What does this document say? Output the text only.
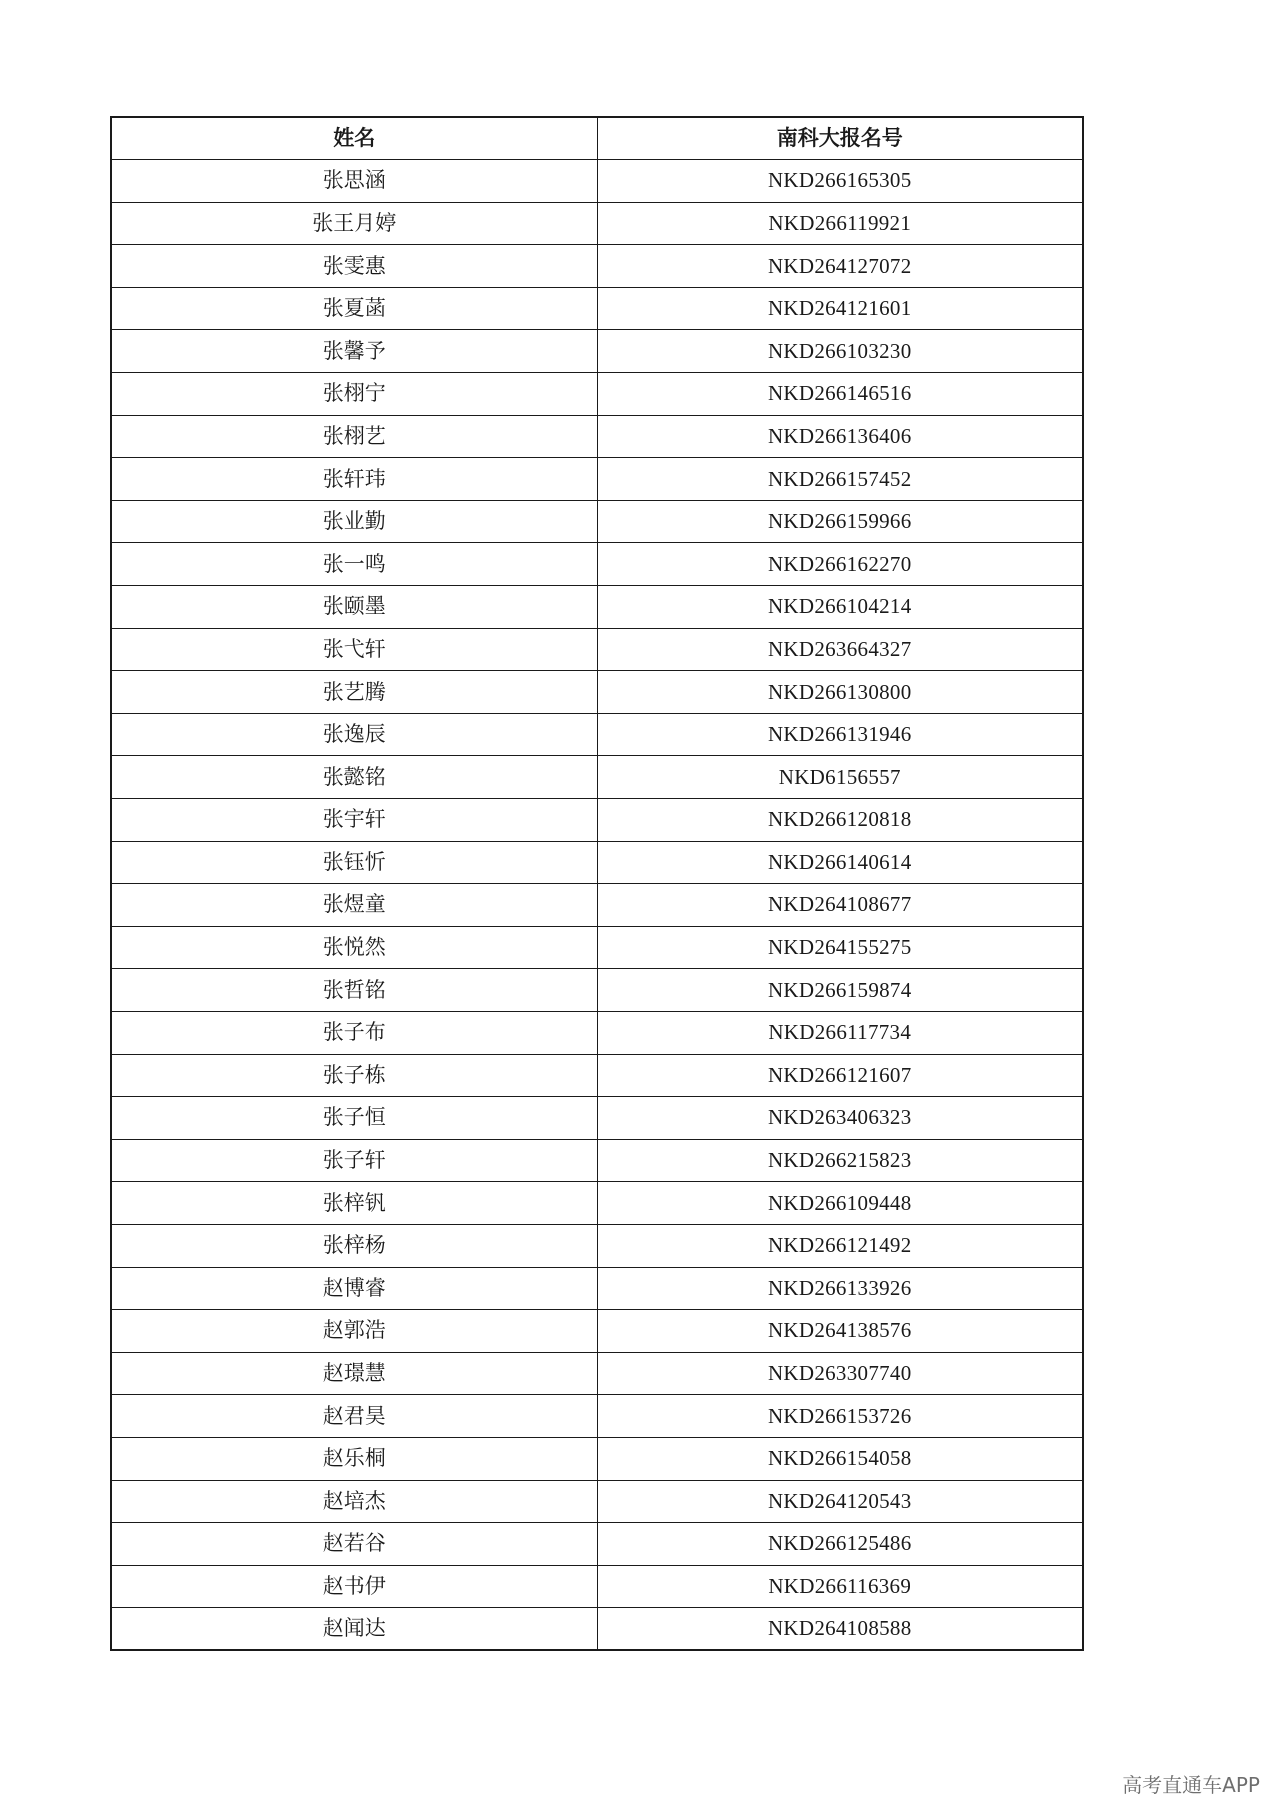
姓名	南科大报名号
张思涵	NKD266165305
张王月婷	NKD266119921
张雯惠	NKD264127072
张夏菡	NKD264121601
张馨予	NKD266103230
张栩宁	NKD266146516
张栩艺	NKD266136406
张轩玮	NKD266157452
张业勤	NKD266159966
张一鸣	NKD266162270
张颐墨	NKD266104214
张弋轩	NKD263664327
张艺腾	NKD266130800
张逸辰	NKD266131946
张懿铭	NKD6156557
张宇轩	NKD266120818
张钰忻	NKD266140614
张煜童	NKD264108677
张悦然	NKD264155275
张哲铭	NKD266159874
张子布	NKD266117734
张子栋	NKD266121607
张子恒	NKD263406323
张子轩	NKD266215823
张梓钒	NKD266109448
张梓杨	NKD266121492
赵博睿	NKD266133926
赵郭浩	NKD264138576
赵璟慧	NKD263307740
赵君昊	NKD266153726
赵乐桐	NKD266154058
赵培杰	NKD264120543
赵若谷	NKD266125486
赵书伊	NKD266116369
赵闻达	NKD264108588
高考直通车APP
